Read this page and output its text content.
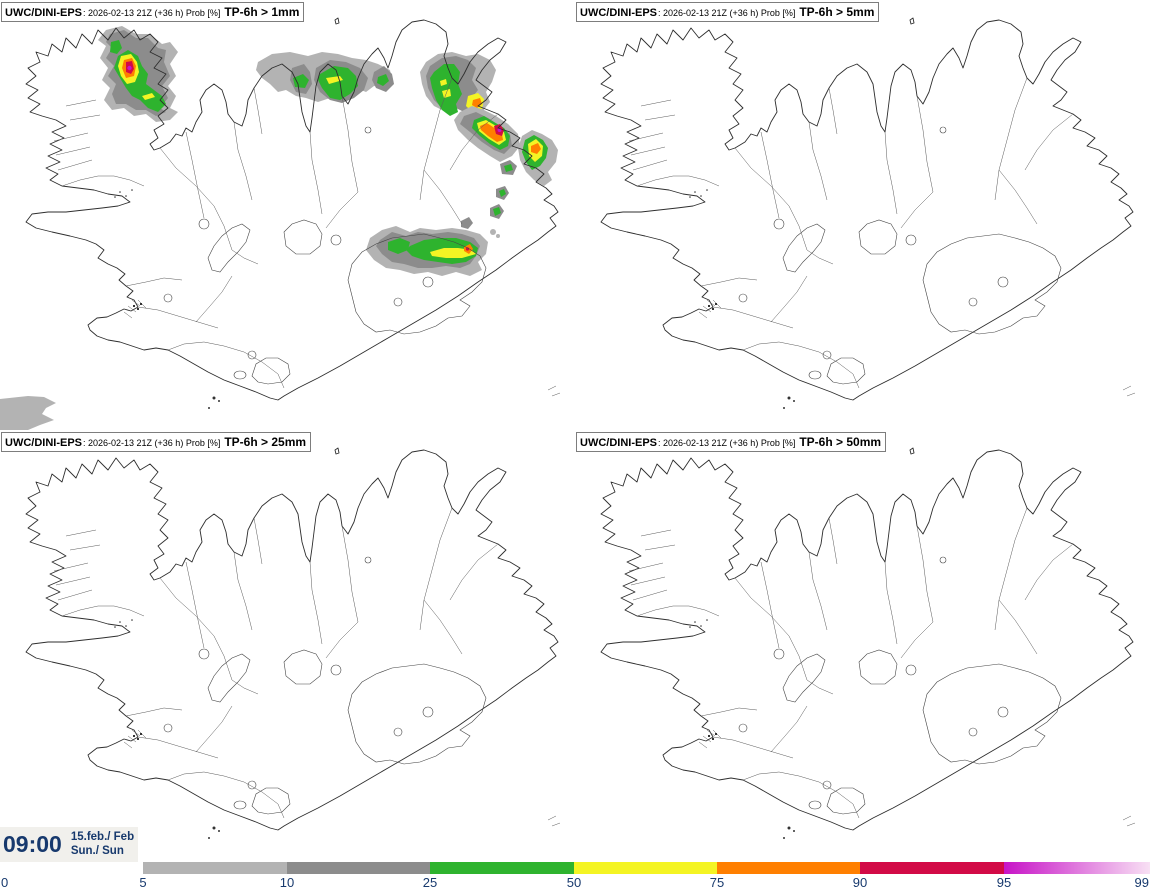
UWC/DINI-EPS : 2026-02-13 21Z (+36 h) Prob [%] TP-6h > 1mm	UWC/DINI-EPS : 2026-02-13 21Z (+36 h) Prob [%] TP-6h > 5mm
UWC/DINI-EPS : 2026-02-13 21Z (+36 h) Prob [%] TP-6h > 25mm	UWC/DINI-EPS : 2026-02-13 21Z (+36 h) Prob [%] TP-6h > 50mm
09:00 15.feb./ Feb
Sun./ Sun
0	5	10	25	50	75	90	95	99
